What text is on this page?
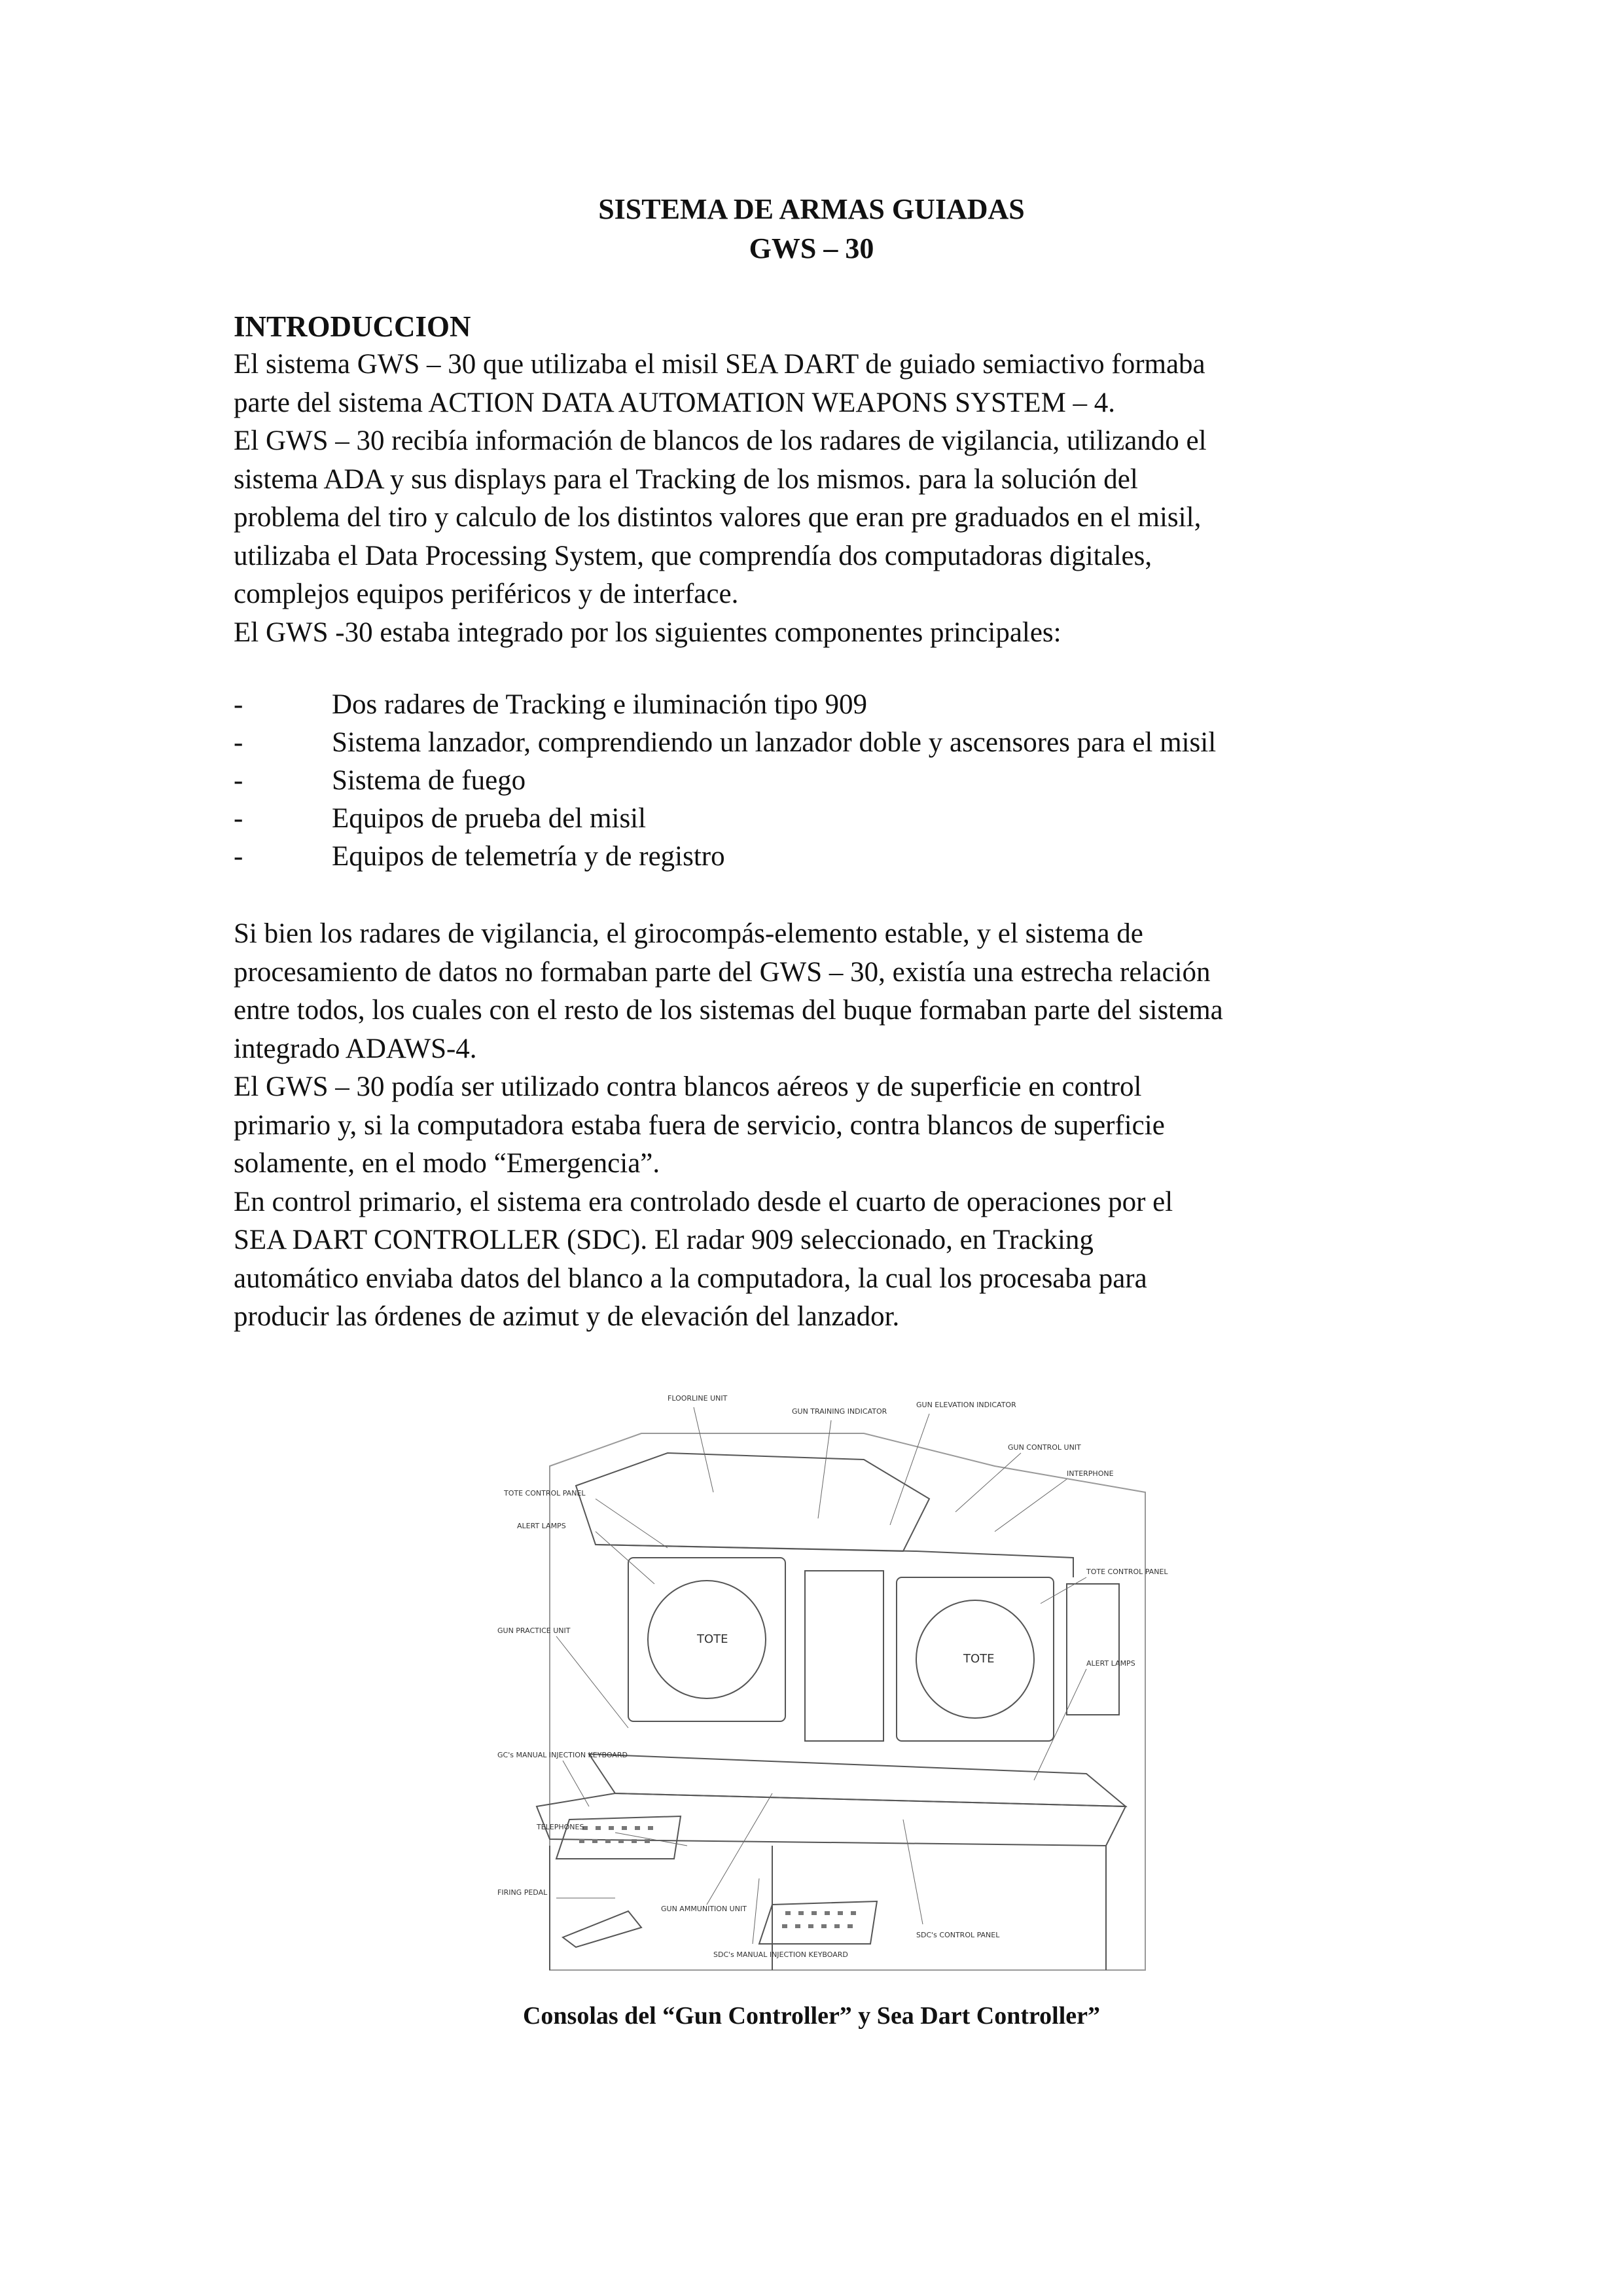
SISTEMA DE ARMAS GUIADAS
GWS – 30
INTRODUCCION
El sistema GWS – 30 que utilizaba el misil SEA DART de guiado semiactivo formaba
parte del sistema ACTION DATA AUTOMATION WEAPONS SYSTEM – 4.
El GWS – 30 recibía información de blancos de los radares de vigilancia, utilizando el
sistema ADA y sus displays para el Tracking de los mismos. para la solución del
problema del tiro y calculo de los distintos valores que eran pre graduados en el misil,
utilizaba el Data Processing System, que comprendía dos computadoras digitales,
complejos equipos periféricos y de interface.
El GWS -30 estaba integrado por los siguientes componentes principales:
-	Dos radares de Tracking e iluminación tipo 909
-	Sistema lanzador, comprendiendo un lanzador doble y ascensores para el misil
-	Sistema de fuego
-	Equipos de prueba del misil
-	Equipos de telemetría y de registro
Si bien los radares de vigilancia, el girocompás-elemento estable, y el sistema de
procesamiento de datos no formaban parte del GWS – 30, existía una estrecha relación
entre todos, los cuales con el resto de los sistemas del buque formaban parte del sistema
integrado ADAWS-4.
El GWS – 30 podía ser utilizado contra blancos aéreos y de superficie en control
primario y, si la computadora estaba fuera de servicio, contra blancos de superficie
solamente, en el modo “Emergencia”.
En control primario, el sistema era controlado desde el cuarto de operaciones por el
SEA DART CONTROLLER (SDC). El radar 909 seleccionado, en Tracking
automático enviaba datos del blanco a la computadora, la cual los procesaba para
producir las órdenes de azimut y de elevación del lanzador.
FLOORLINE UNIT
GUN TRAINING INDICATOR
GUN ELEVATION INDICATOR
GUN CONTROL UNIT
INTERPHONE
TOTE CONTROL PANEL
ALERT LAMPS
TOTE CONTROL PANEL
GUN PRACTICE UNIT
ALERT LAMPS
GC's MANUAL INJECTION KEYBOARD
TELEPHONES
FIRING PEDAL
GUN AMMUNITION UNIT
SDC's MANUAL INJECTION KEYBOARD
SDC's CONTROL PANEL
TOTE
TOTE
Consolas del “Gun Controller” y Sea Dart Controller”
